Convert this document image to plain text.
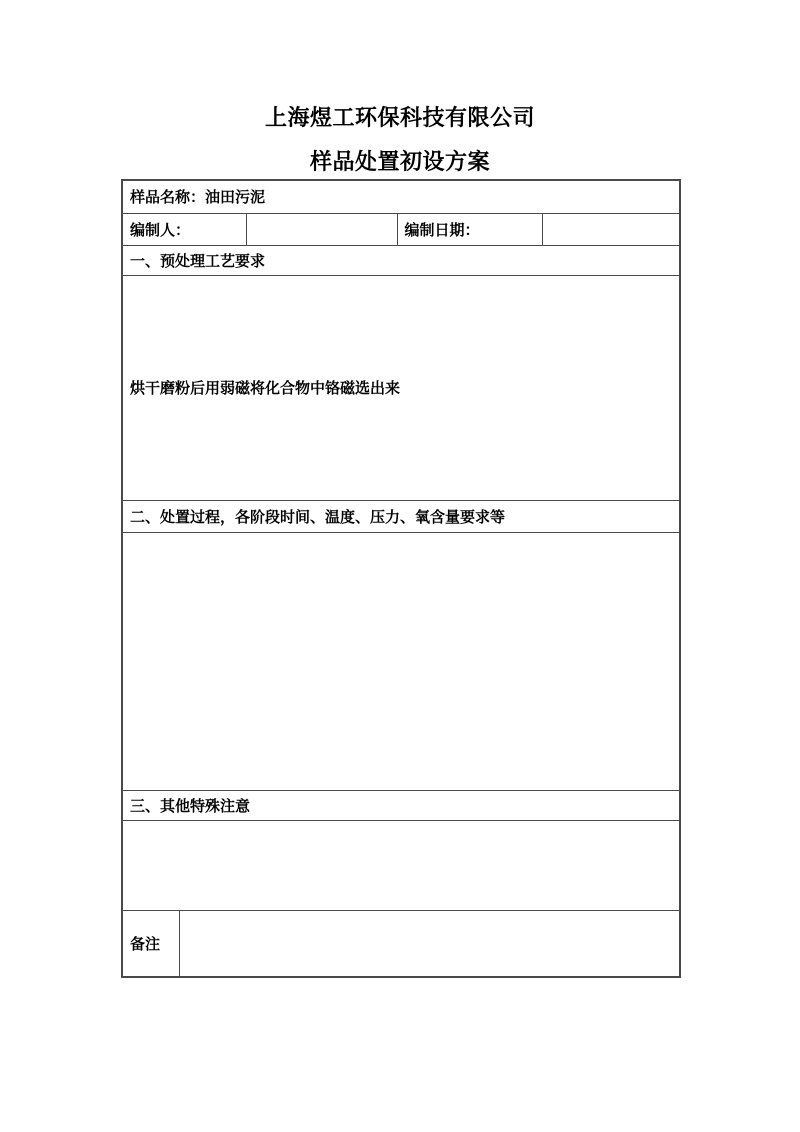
上海煜工环保科技有限公司
样品处置初设方案
样品名称：油田污泥				
编制人：			编制日期：	
一、预处理工艺要求				
烘干磨粉后用弱磁将化合物中铬磁选出来				
二、处置过程，各阶段时间、温度、压力、氧含量要求等				

三、其他特殊注意				

备注				
